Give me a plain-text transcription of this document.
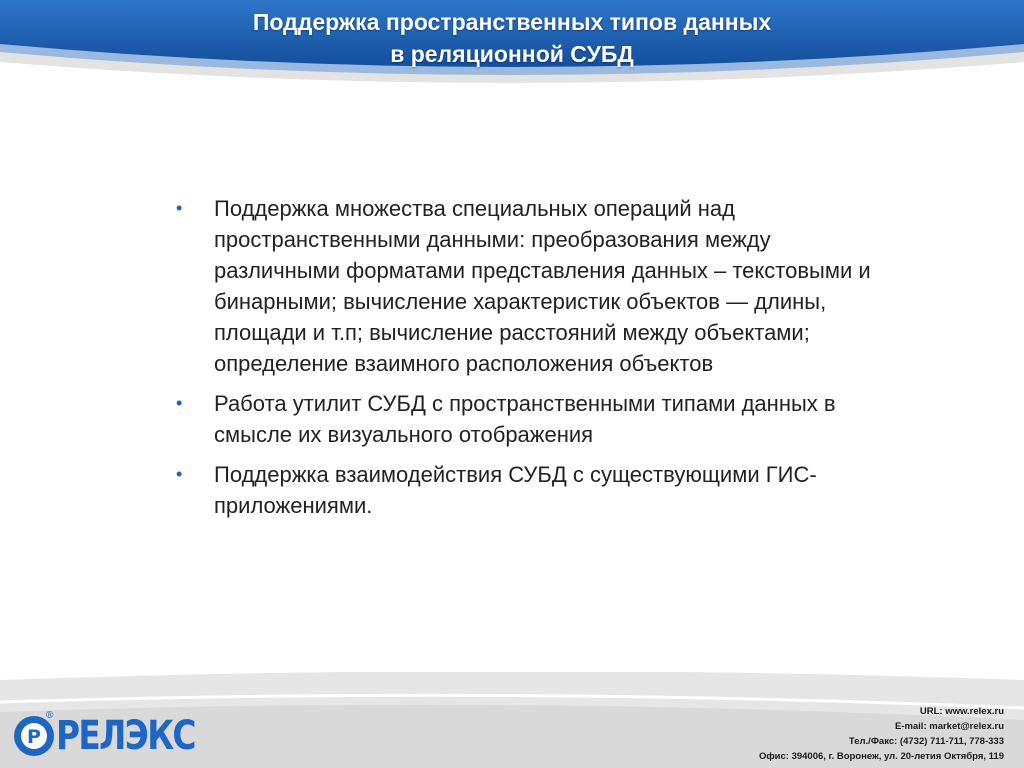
Поддержка пространственных типов данных
в реляционной СУБД
• Поддержка множества специальных операций над пространственными данными: преобразования между различными форматами представления данных – текстовыми и бинарными; вычисление характеристик объектов — длины, площади и т.п; вычисление расстояний между объектами; определение взаимного расположения объектов
• Работа утилит СУБД с пространственными типами данных в смысле их визуального отображения
• Поддержка взаимодействия СУБД с существующими ГИС-приложениями.
Р
® РЕЛЭКС
URL: www.relex.ru
E-mail: market@relex.ru
Тел./Факс: (4732) 711-711, 778-333
Офис: 394006, г. Воронеж, ул. 20-летия Октября, 119
